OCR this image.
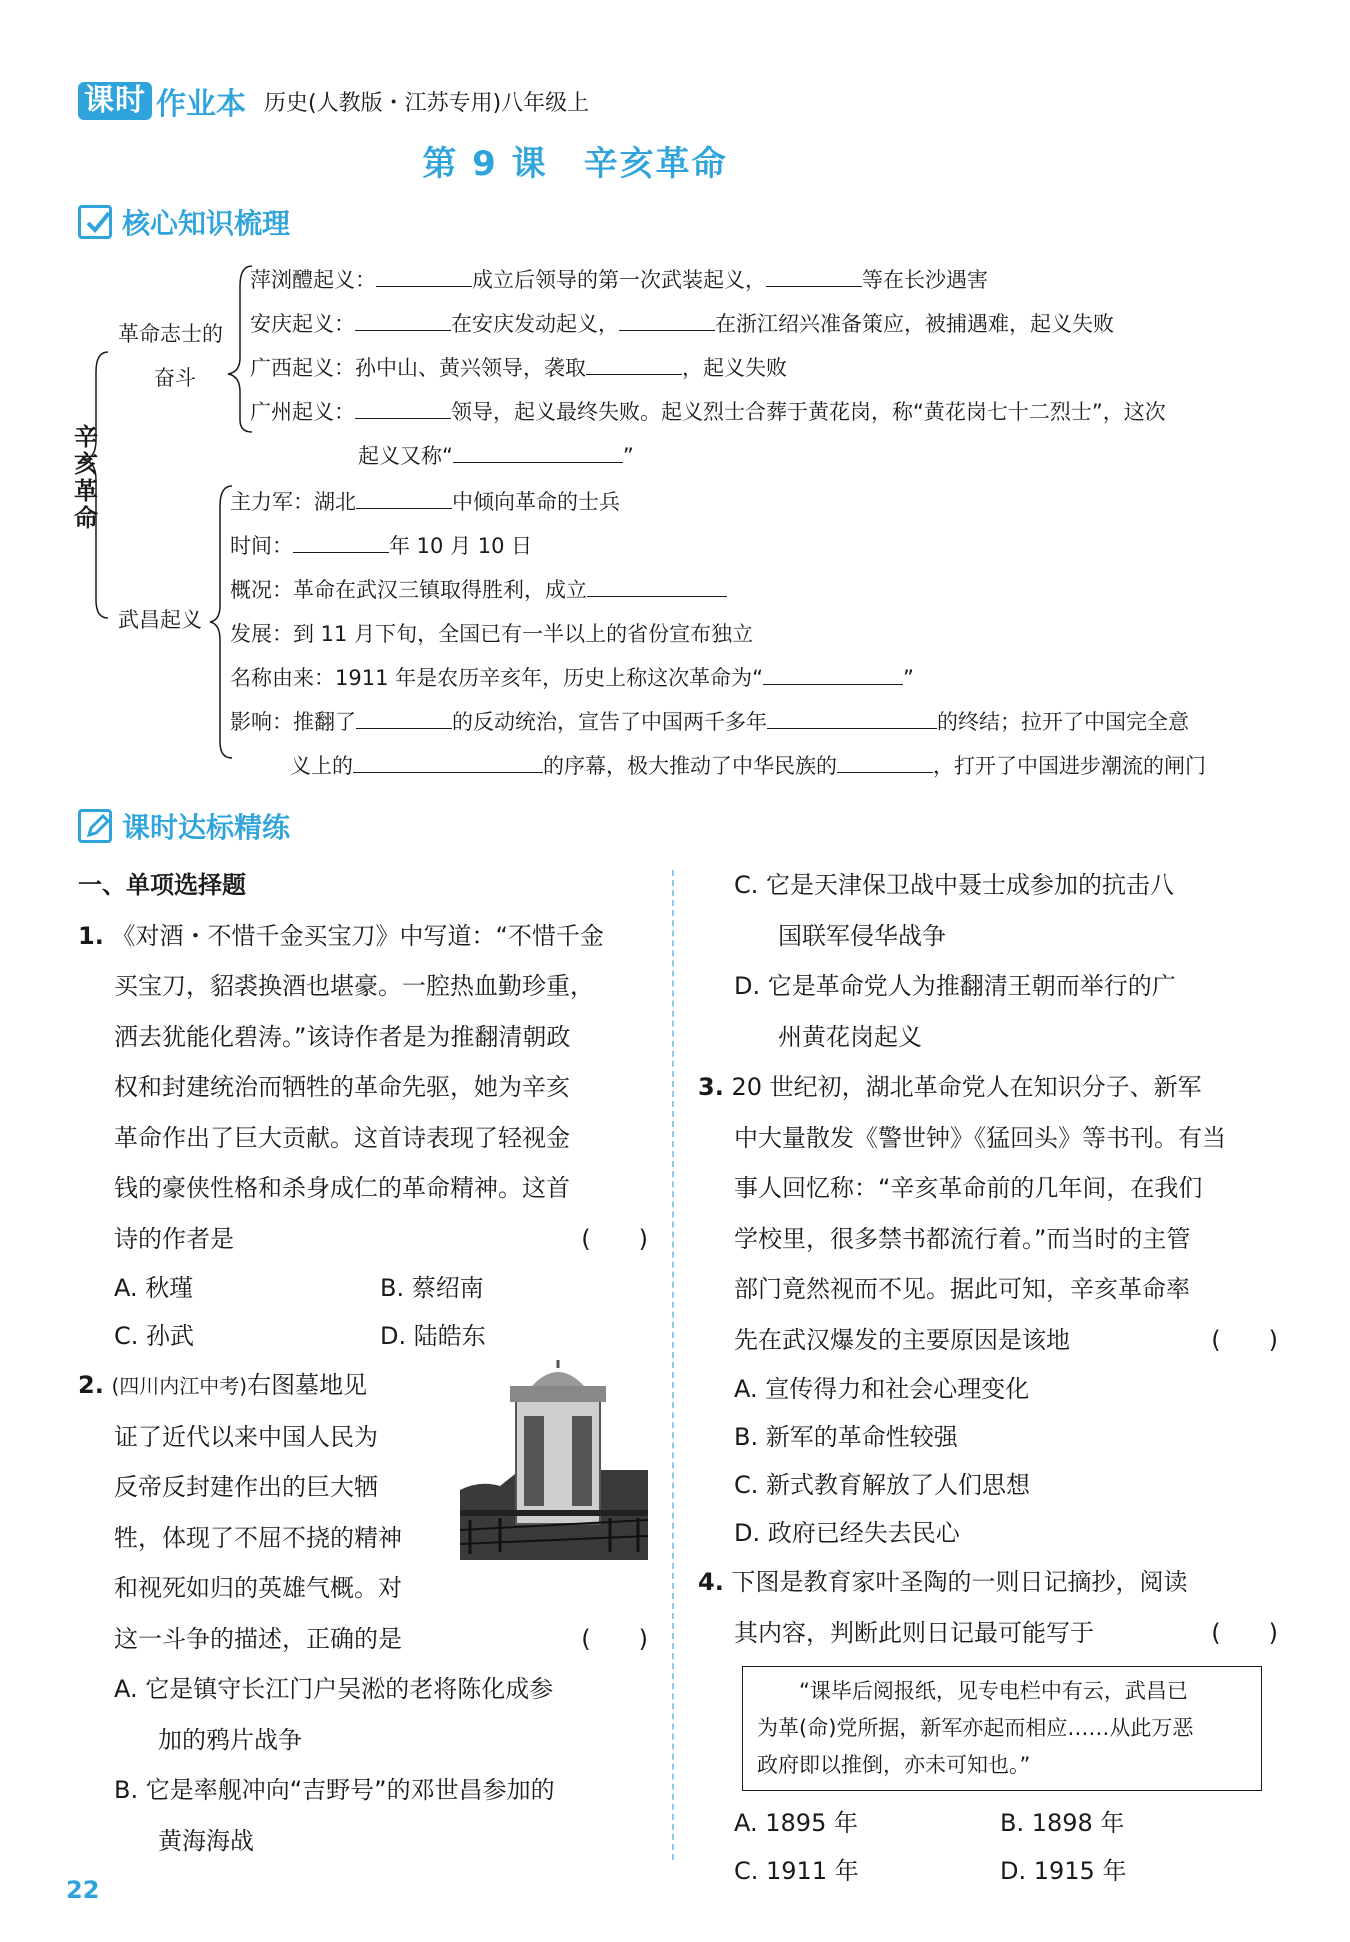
课时 作业本 历史(人教版・江苏专用)八年级上
第 9 课　辛亥革命
核心知识梳理
辛亥革命
革命志士的
奋斗
萍浏醴起义：	成立后领导的第一次武装起义，	等在长沙遇害
安庆起义：	在安庆发动起义，	在浙江绍兴准备策应，被捕遇难，起义失败
广西起义：孙中山、黄兴领导，袭取	，起义失败
广州起义：	领导，起义最终失败。起义烈士合葬于黄花岗，称“黄花岗七十二烈士”，这次
起义又称“	”
武昌起义
主力军：湖北	中倾向革命的士兵
时间：	年 10 月 10 日
概况：革命在武汉三镇取得胜利，成立
发展：到 11 月下旬，全国已有一半以上的省份宣布独立
名称由来：1911 年是农历辛亥年，历史上称这次革命为“	”
影响：推翻了	的反动统治，宣告了中国两千多年	的终结；拉开了中国完全意
义上的	的序幕，极大推动了中华民族的	，打开了中国进步潮流的闸门
课时达标精练
一、单项选择题
1. 《对酒・不惜千金买宝刀》中写道：“不惜千金
买宝刀，貂裘换酒也堪豪。一腔热血勤珍重，
洒去犹能化碧涛。”该诗作者是为推翻清朝政
权和封建统治而牺牲的革命先驱，她为辛亥
革命作出了巨大贡献。这首诗表现了轻视金
钱的豪侠性格和杀身成仁的革命精神。这首
诗的作者是	(　　)
A. 秋瑾	B. 蔡绍南
C. 孙武	D. 陆皓东
2. (四川内江中考)右图墓地见
证了近代以来中国人民为
反帝反封建作出的巨大牺
牲，体现了不屈不挠的精神
和视死如归的英雄气概。对
这一斗争的描述，正确的是	(　　)
A. 它是镇守长江门户吴淞的老将陈化成参
加的鸦片战争
B. 它是率舰冲向“吉野号”的邓世昌参加的
黄海海战
C. 它是天津保卫战中聂士成参加的抗击八
国联军侵华战争
D. 它是革命党人为推翻清王朝而举行的广
州黄花岗起义
3. 20 世纪初，湖北革命党人在知识分子、新军
中大量散发《警世钟》《猛回头》等书刊。有当
事人回忆称：“辛亥革命前的几年间，在我们
学校里，很多禁书都流行着。”而当时的主管
部门竟然视而不见。据此可知，辛亥革命率
先在武汉爆发的主要原因是该地	(　　)
A. 宣传得力和社会心理变化
B. 新军的革命性较强
C. 新式教育解放了人们思想
D. 政府已经失去民心
4. 下图是教育家叶圣陶的一则日记摘抄，阅读
其内容，判断此则日记最可能写于	(　　)
“课毕后阅报纸，见专电栏中有云，武昌已
为革(命)党所据，新军亦起而相应……从此万恶
政府即以推倒，亦未可知也。”
A. 1895 年	B. 1898 年
C. 1911 年	D. 1915 年
22
